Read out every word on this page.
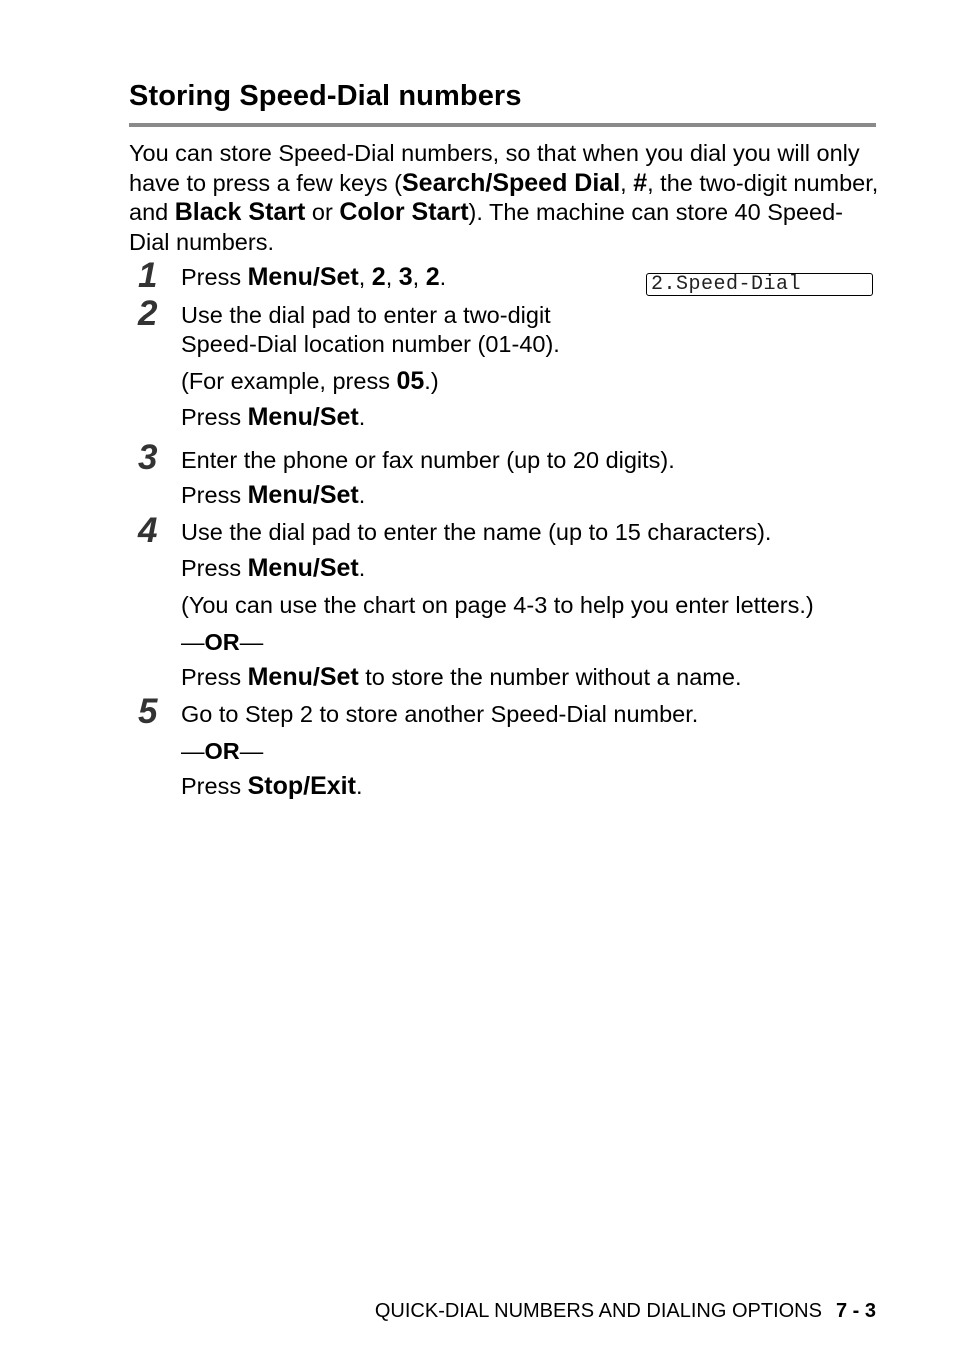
Storing Speed-Dial numbers

You can store Speed-Dial numbers, so that when you dial you will only have to press a few keys (Search/Speed Dial, #, the two-digit number, and Black Start or Color Start). The machine can store 40 Speed-Dial numbers.

1	Press Menu/Set, 2, 3, 2.	2.Speed-Dial
2	Use the dial pad to enter a two-digit

Speed-Dial location number (01-40).

(For example, press 05.)

Press Menu/Set.

3	Enter the phone or fax number (up to 20 digits).

Press Menu/Set.

4	Use the dial pad to enter the name (up to 15 characters).

Press Menu/Set.

(You can use the chart on page 4-3 to help you enter letters.)

—OR—

Press Menu/Set to store the number without a name.

5	Go to Step 2 to store another Speed-Dial number.

—OR—

Press Stop/Exit.

QUICK-DIAL NUMBERS AND DIALING OPTIONS 7 - 3
